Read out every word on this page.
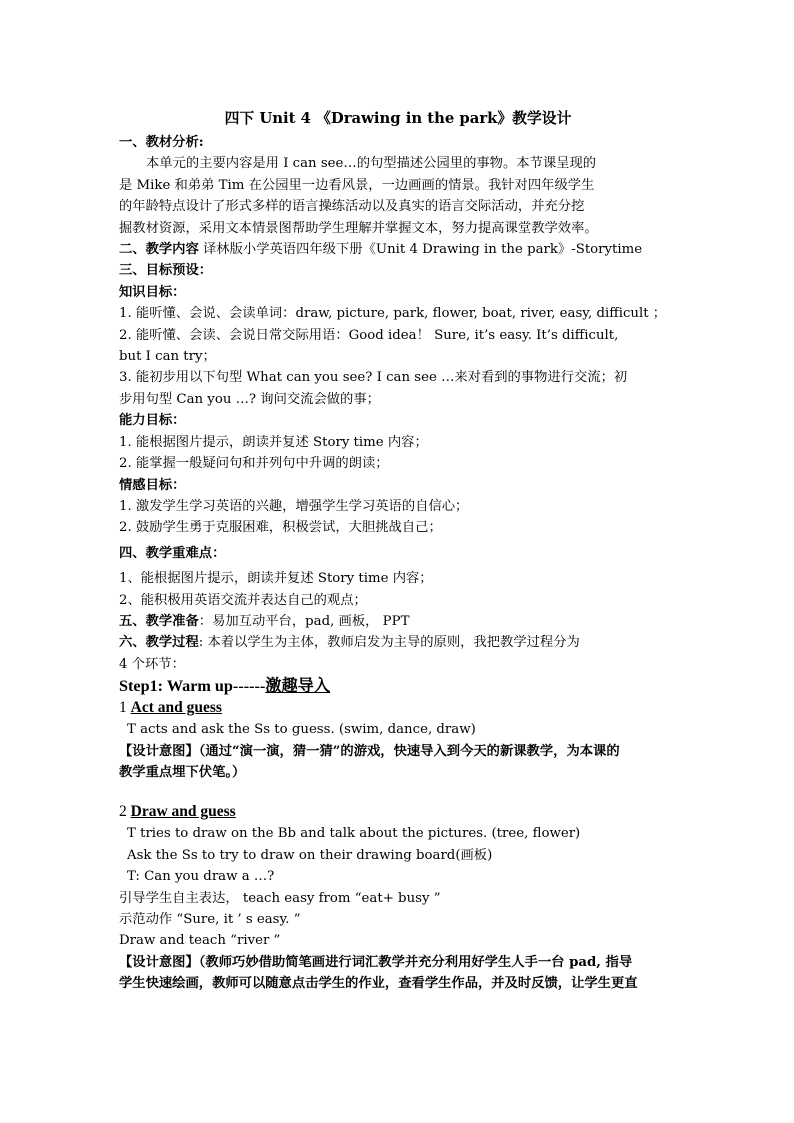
四下 Unit 4 《Drawing in the park》教学设计
一、教材分析:
本单元的主要内容是用 I can see…的句型描述公园里的事物。本节课呈现的
是 Mike 和弟弟 Tim 在公园里一边看风景，一边画画的情景。我针对四年级学生
的年龄特点设计了形式多样的语言操练活动以及真实的语言交际活动，并充分挖
掘教材资源，采用文本情景图帮助学生理解并掌握文本，努力提高课堂教学效率。
二、教学内容 译林版小学英语四年级下册《Unit 4 Drawing in the park》-Storytime
三、目标预设：
知识目标：
1. 能听懂、会说、会读单词：draw, picture, park, flower, boat, river, easy, difficult ；
2. 能听懂、会读、会说日常交际用语：Good idea！ Sure, it’s easy. It’s difficult,
but I can try；
3. 能初步用以下句型 What can you see? I can see …来对看到的事物进行交流；初
步用句型 Can you …? 询问交流会做的事；
能力目标：
1. 能根据图片提示，朗读并复述 Story time 内容；
2. 能掌握一般疑问句和并列句中升调的朗读；
情感目标：
1. 激发学生学习英语的兴趣，增强学生学习英语的自信心；
2. 鼓励学生勇于克服困难，积极尝试，大胆挑战自己；
四、教学重难点：
1、能根据图片提示，朗读并复述 Story time 内容；
2、能积极用英语交流并表达自己的观点；
五、教学准备：易加互动平台，pad, 画板， PPT
六、教学过程: 本着以学生为主体，教师启发为主导的原则，我把教学过程分为
4 个环节：
Step1: Warm up------激趣导入
1 Act and guess
T acts and ask the Ss to guess. (swim, dance, draw)
【设计意图】（通过“演一演，猜一猜”的游戏，快速导入到今天的新课教学，为本课的
教学重点埋下伏笔。）
2 Draw and guess
T tries to draw on the Bb and talk about the pictures. (tree, flower)
Ask the Ss to try to draw on their drawing board(画板)
T: Can you draw a …?
引导学生自主表达， teach easy from “eat+ busy ”
示范动作 “Sure, it ’ s easy. ”
Draw and teach “river ”
【设计意图】（教师巧妙借助简笔画进行词汇教学并充分利用好学生人手一台 pad, 指导
学生快速绘画，教师可以随意点击学生的作业，查看学生作品，并及时反馈，让学生更直
